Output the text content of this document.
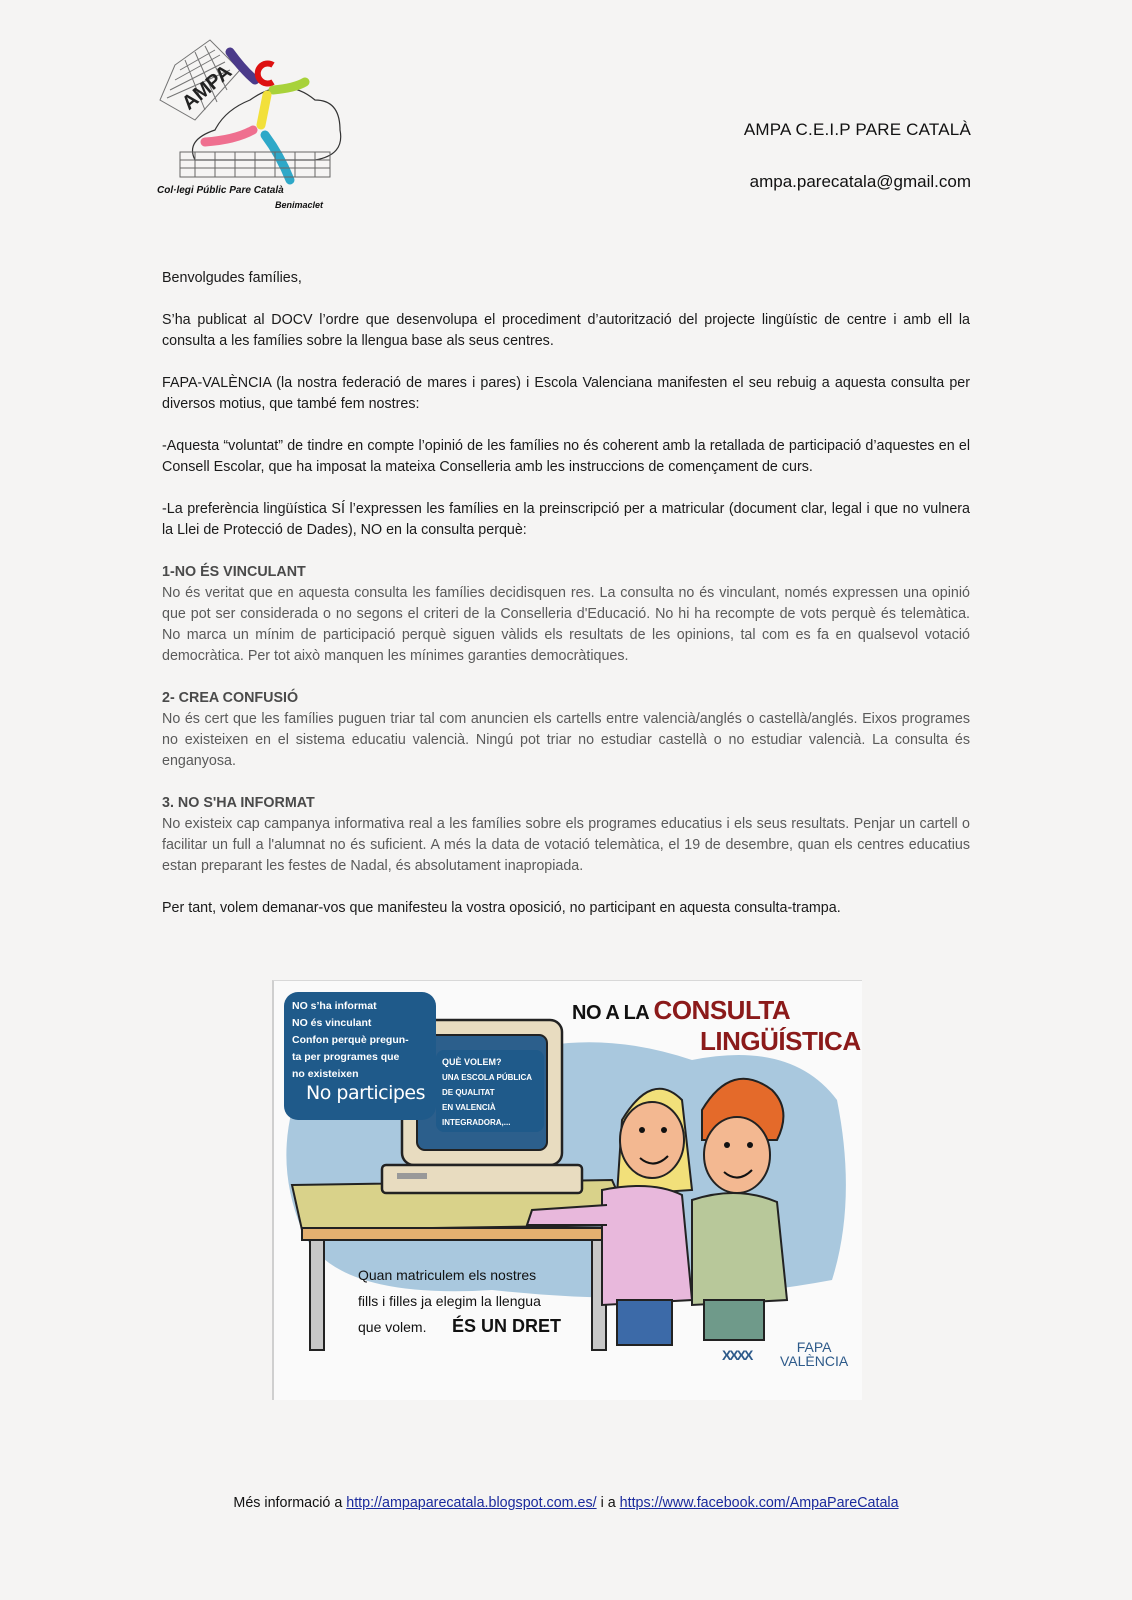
AMPA
Col·legi Públic Pare Català
Benimaclet
AMPA C.E.I.P PARE CATALÀ
ampa.parecatala@gmail.com

Benvolgudes famílies,

S’ha publicat al DOCV l’ordre que desenvolupa el procediment d’autorització del projecte lingüístic de centre i amb ell la consulta a les famílies sobre la llengua base als seus centres.

FAPA-VALÈNCIA (la nostra federació de mares i pares) i Escola Valenciana manifesten el seu rebuig a aquesta consulta per diversos motius, que també fem nostres:

-Aquesta “voluntat” de tindre en compte l’opinió de les famílies no és coherent amb la retallada de participació d’aquestes en el Consell Escolar, que ha imposat la mateixa Conselleria amb les instruccions de començament de curs.

-La preferència lingüística SÍ l’expressen les famílies en la preinscripció per a matricular (document clar, legal i que no vulnera la Llei de Protecció de Dades), NO en la consulta perquè:

1-NO ÉS VINCULANT

No és veritat que en aquesta consulta les famílies decidisquen res. La consulta no és vinculant, només expressen una opinió que pot ser considerada o no segons el criteri de la Conselleria d'Educació. No hi ha recompte de vots perquè és telemàtica. No marca un mínim de participació perquè siguen vàlids els resultats de les opinions, tal com es fa en qualsevol votació democràtica. Per tot això manquen les mínimes garanties democràtiques.

2- CREA CONFUSIÓ

No és cert que les famílies puguen triar tal com anuncien els cartells entre valencià/anglés o castellà/anglés. Eixos programes no existeixen en el sistema educatiu valencià. Ningú pot triar no estudiar castellà o no estudiar valencià. La consulta és enganyosa.

3. NO S'HA INFORMAT

No existeix cap campanya informativa real a les famílies sobre els programes educatius i els seus resultats. Penjar un cartell o facilitar un full a l'alumnat no és suficient. A més la data de votació telemàtica, el 19 de desembre, quan els centres educatius estan preparant les festes de Nadal, és absolutament inapropiada.

Per tant, volem demanar-vos que manifesteu la vostra oposició, no participant en aquesta consulta-trampa.

NO s’ha informat
NO és vinculant
Confon perquè pregun-
ta per programes que
no existeixen
No participes
QUÈ VOLEM?
UNA ESCOLA PÚBLICA
DE QUALITAT
EN VALENCIÀ
INTEGRADORA,...
NO A LA CONSULTA
LINGÜÍSTICA
Quan matriculem els nostres
fills i filles ja elegim la llengua
que volem.	ÉS UN DRET
XXXX	FAPA
VALÈNCIA
Més informació a http://ampaparecatala.blogspot.com.es/ i a https://www.facebook.com/AmpaPareCatala
